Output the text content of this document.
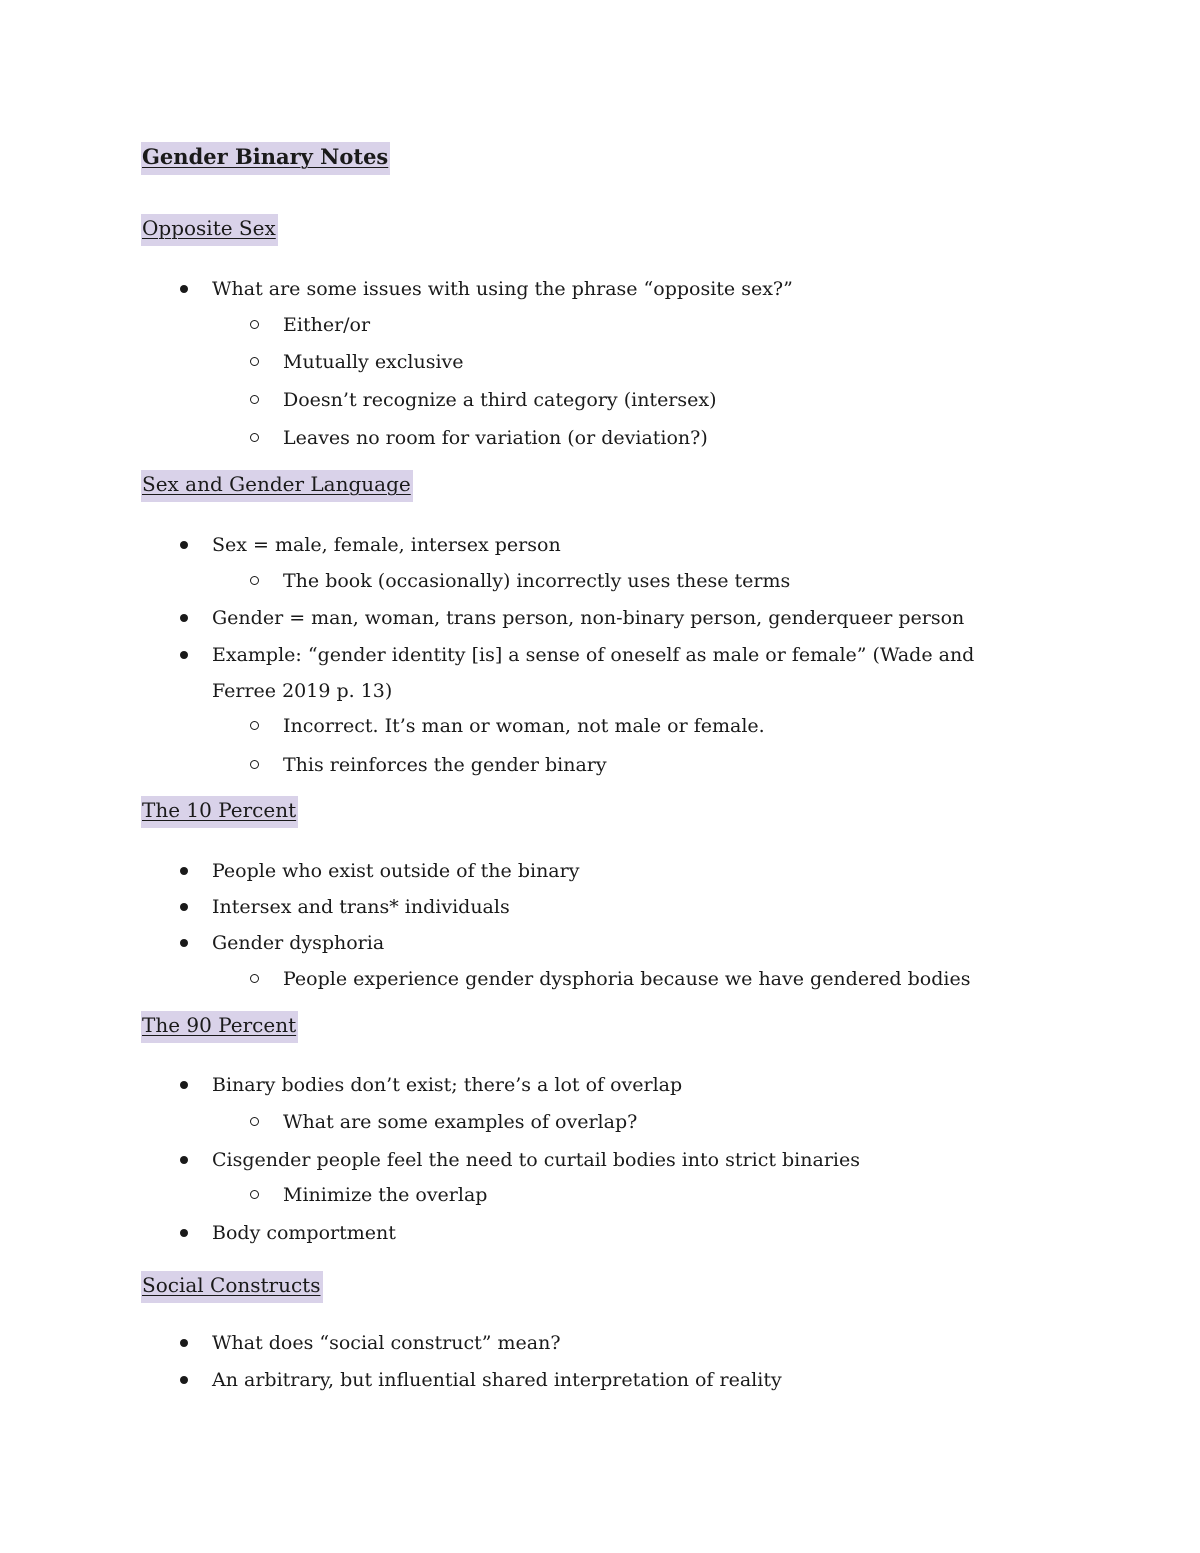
Gender Binary Notes
Opposite Sex
What are some issues with using the phrase “opposite sex?”
Either/or
Mutually exclusive
Doesn’t recognize a third category (intersex)
Leaves no room for variation (or deviation?)
Sex and Gender Language
Sex = male, female, intersex person
The book (occasionally) incorrectly uses these terms
Gender = man, woman, trans person, non-binary person, genderqueer person
Example: “gender identity [is] a sense of oneself as male or female” (Wade and Ferree 2019 p. 13)
Incorrect. It’s man or woman, not male or female.
This reinforces the gender binary
The 10 Percent
People who exist outside of the binary
Intersex and trans* individuals
Gender dysphoria
People experience gender dysphoria because we have gendered bodies
The 90 Percent
Binary bodies don’t exist; there’s a lot of overlap
What are some examples of overlap?
Cisgender people feel the need to curtail bodies into strict binaries
Minimize the overlap
Body comportment
Social Constructs
What does “social construct” mean?
An arbitrary, but influential shared interpretation of reality
